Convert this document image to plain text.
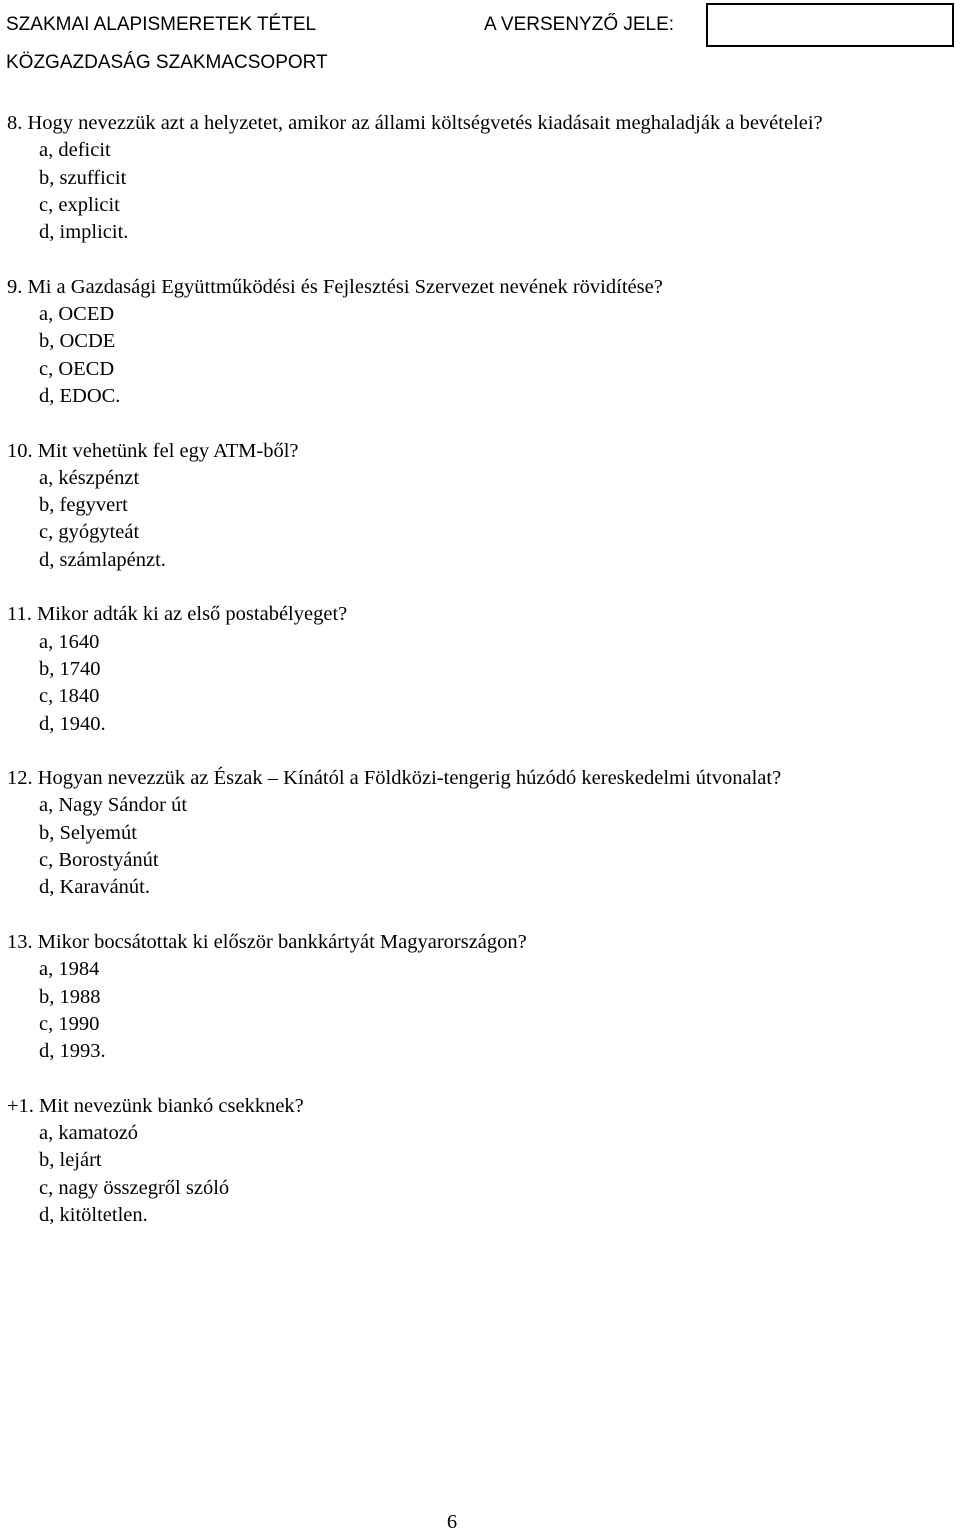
SZAKMAI ALAPISMERETEK TÉTEL
KÖZGAZDASÁG SZAKMACSOPORT
A VERSENYZŐ JELE:
8. Hogy nevezzük azt a helyzetet, amikor az állami költségvetés kiadásait meghaladják a bevételei?
a, deficit
b, szufficit
c, explicit
d, implicit.
9. Mi a Gazdasági Együttműködési és Fejlesztési Szervezet nevének rövidítése?
a, OCED
b, OCDE
c, OECD
d, EDOC.
10. Mit vehetünk fel egy ATM-ből?
a, készpénzt
b, fegyvert
c, gyógyteát
d, számlapénzt.
11. Mikor adták ki az első postabélyeget?
a, 1640
b, 1740
c, 1840
d, 1940.
12. Hogyan nevezzük az Észak – Kínától a Földközi-tengerig húzódó kereskedelmi útvonalat?
a, Nagy Sándor út
b, Selyemút
c, Borostyánút
d, Karavánút.
13. Mikor bocsátottak ki először bankkártyát Magyarországon?
a, 1984
b, 1988
c, 1990
d, 1993.
+1. Mit nevezünk biankó csekknek?
a, kamatozó
b, lejárt
c, nagy összegről szóló
d, kitöltetlen.
6
